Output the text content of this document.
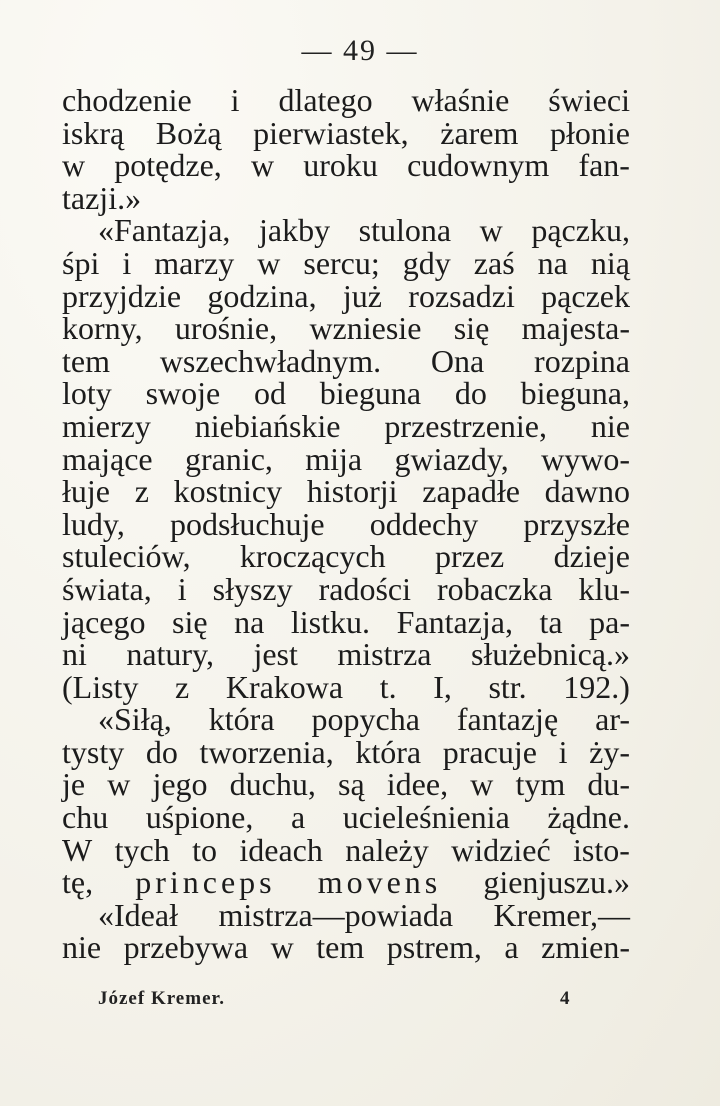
— 49 —
chodzenie i dlatego właśnie świeci
iskrą Bożą pierwiastek, żarem płonie
w potędze, w uroku cudownym fan-
tazji.»
«Fantazja, jakby stulona w pączku,
śpi i marzy w sercu; gdy zaś na nią
przyjdzie godzina, już rozsadzi pączek
korny, urośnie, wzniesie się majesta-
tem wszechwładnym. Ona rozpina
loty swoje od bieguna do bieguna,
mierzy niebiańskie przestrzenie, nie
mające granic, mija gwiazdy, wywo-
łuje z kostnicy historji zapadłe dawno
ludy, podsłuchuje oddechy przyszłe
stuleciów, kroczących przez dzieje
świata, i słyszy radości robaczka klu-
jącego się na listku. Fantazja, ta pa-
ni natury, jest mistrza służebnicą.»
(Listy z Krakowa t. I, str. 192.)
«Siłą, która popycha fantazję ar-
tysty do tworzenia, która pracuje i ży-
je w jego duchu, są idee, w tym du-
chu uśpione, a ucieleśnienia żądne.
W tych to ideach należy widzieć isto-
tę, princeps movens gienjuszu.»
«Ideał mistrza—powiada Kremer,—
nie przebywa w tem pstrem, a zmien-
Józef Kremer.	4
